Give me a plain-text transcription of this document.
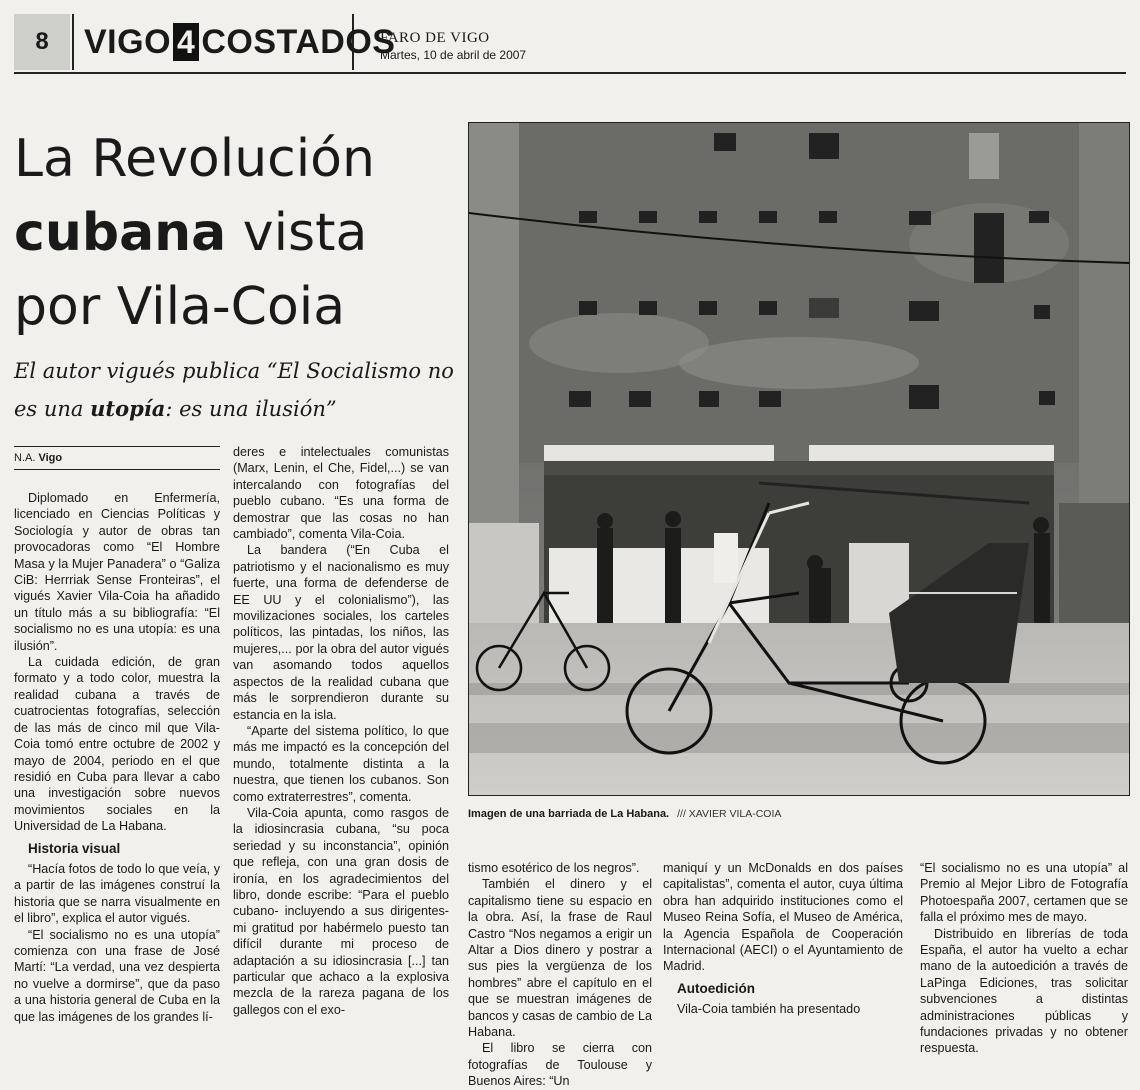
8	VIGO 4 COSTADOS
FARO DE VIGO
Martes, 10 de abril de 2007
La Revolución
cubana vista
por Vila-Coia
El autor vigués publica “El Socialismo no es una utopía: es una ilusión”
N.A. Vigo

Diplomado en Enfermería, licenciado en Ciencias Políticas y Sociología y autor de obras tan provocadoras como “El Hombre Masa y la Mujer Panadera” o “Galiza CiB: Herrriak Sense Fronteiras”, el vigués Xavier Vila-Coia ha añadido un título más a su bibliografía: “El socialismo no es una utopía: es una ilusión”.

La cuidada edición, de gran formato y a todo color, muestra la realidad cubana a través de cuatrocientas fotografías, selección de las más de cinco mil que Vila-Coia tomó entre octubre de 2002 y mayo de 2004, periodo en el que residió en Cuba para llevar a cabo una investigación sobre nuevos movimientos sociales en la Universidad de La Habana.

Historia visual

“Hacía fotos de todo lo que veía, y a partir de las imágenes construí la historia que se narra visualmente en el libro”, explica el autor vigués.

“El socialismo no es una utopía” comienza con una frase de José Martí: “La verdad, una vez despierta no vuelve a dormirse”, que da paso a una historia general de Cuba en la que las imágenes de los grandes lí-

deres e intelectuales comunistas (Marx, Lenin, el Che, Fidel,...) se van intercalando con fotografías del pueblo cubano. “Es una forma de demostrar que las cosas no han cambiado”, comenta Vila-Coia.

La bandera (“En Cuba el patriotismo y el nacionalismo es muy fuerte, una forma de defenderse de EE UU y el colonialismo”), las movilizaciones sociales, los carteles políticos, las pintadas, los niños, las mujeres,... por la obra del autor vigués van asomando todos aquellos aspectos de la realidad cubana que más le sorprendieron durante su estancia en la isla.

“Aparte del sistema político, lo que más me impactó es la concepción del mundo, totalmente distinta a la nuestra, que tienen los cubanos. Son como extraterrestres”, comenta.

Vila-Coia apunta, como rasgos de la idiosincrasia cubana, “su poca seriedad y su inconstancia”, opinión que refleja, con una gran dosis de ironía, en los agradecimientos del libro, donde escribe: “Para el pueblo cubano- incluyendo a sus dirigentes- mi gratitud por habérmelo puesto tan difícil durante mi proceso de adaptación a su idiosincrasia [...] tan particular que achaco a la explosiva mezcla de la rareza pagana de los gallegos con el exo-

Imagen de una barriada de La Habana. /// XAVIER VILA-COIA

tismo esotérico de los negros”.

También el dinero y el capitalismo tiene su espacio en la obra. Así, la frase de Raul Castro “Nos negamos a erigir un Altar a Dios dinero y postrar a sus pies la vergüenza de los hombres” abre el capítulo en el que se muestran imágenes de bancos y casas de cambio de La Habana.

El libro se cierra con fotografías de Toulouse y Buenos Aires: “Un

maniquí y un McDonalds en dos países capitalistas”, comenta el autor, cuya última obra han adquirido instituciones como el Museo Reina Sofía, el Museo de América, la Agencia Española de Cooperación Internacional (AECI) o el Ayuntamiento de Madrid.

Autoedición

Vila-Coia también ha presentado

“El socialismo no es una utopía” al Premio al Mejor Libro de Fotografía Photoespaña 2007, certamen que se falla el próximo mes de mayo.

Distribuido en librerías de toda España, el autor ha vuelto a echar mano de la autoedición a través de LaPinga Ediciones, tras solicitar subvenciones a distintas administraciones públicas y fundaciones privadas y no obtener respuesta.
